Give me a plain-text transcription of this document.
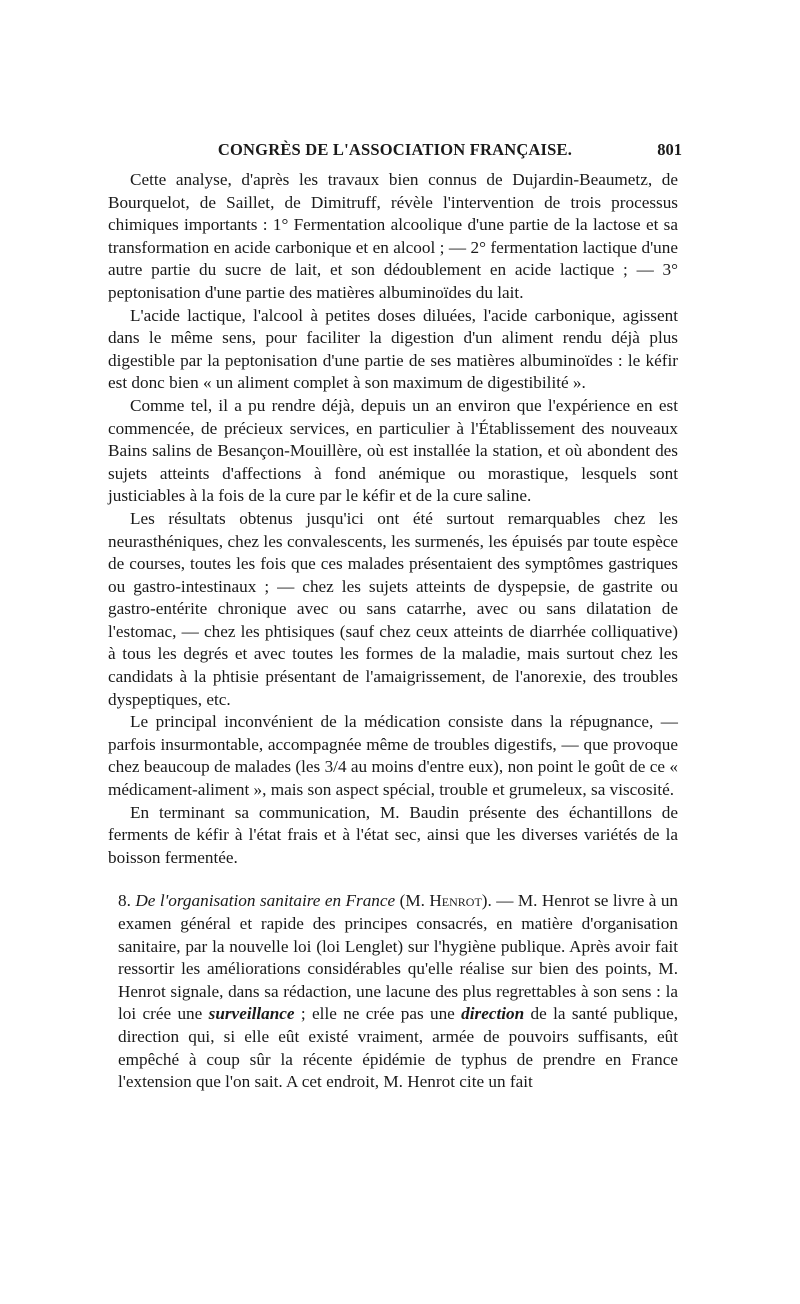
CONGRÈS DE L'ASSOCIATION FRANÇAISE.	801

Cette analyse, d'après les travaux bien connus de Dujardin-Beaumetz, de Bourquelot, de Saillet, de Dimitruff, révèle l'intervention de trois processus chimiques importants : 1° Fermentation alcoolique d'une partie de la lactose et sa transformation en acide carbonique et en alcool ; — 2° fermentation lactique d'une autre partie du sucre de lait, et son dédoublement en acide lactique ; — 3° peptonisation d'une partie des matières albuminoïdes du lait.

L'acide lactique, l'alcool à petites doses diluées, l'acide carbonique, agissent dans le même sens, pour faciliter la digestion d'un aliment rendu déjà plus digestible par la peptonisation d'une partie de ses matières albuminoïdes : le kéfir est donc bien « un aliment complet à son maximum de digestibilité ».

Comme tel, il a pu rendre déjà, depuis un an environ que l'expérience en est commencée, de précieux services, en particulier à l'Établissement des nouveaux Bains salins de Besançon-Mouillère, où est installée la station, et où abondent des sujets atteints d'affections à fond anémique ou morastique, lesquels sont justiciables à la fois de la cure par le kéfir et de la cure saline.

Les résultats obtenus jusqu'ici ont été surtout remarquables chez les neurasthéniques, chez les convalescents, les surmenés, les épuisés par toute espèce de courses, toutes les fois que ces malades présentaient des symptômes gastriques ou gastro-intestinaux ; — chez les sujets atteints de dyspepsie, de gastrite ou gastro-entérite chronique avec ou sans catarrhe, avec ou sans dilatation de l'estomac, — chez les phtisiques (sauf chez ceux atteints de diarrhée colliquative) à tous les degrés et avec toutes les formes de la maladie, mais surtout chez les candidats à la phtisie présentant de l'amaigrissement, de l'anorexie, des troubles dyspeptiques, etc.

Le principal inconvénient de la médication consiste dans la répugnance, — parfois insurmontable, accompagnée même de troubles digestifs, — que provoque chez beaucoup de malades (les 3/4 au moins d'entre eux), non point le goût de ce « médicament-aliment », mais son aspect spécial, trouble et grumeleux, sa viscosité.

En terminant sa communication, M. Baudin présente des échantillons de ferments de kéfir à l'état frais et à l'état sec, ainsi que les diverses variétés de la boisson fermentée.

8. De l'organisation sanitaire en France (M. Henrot). — M. Henrot se livre à un examen général et rapide des principes consacrés, en matière d'organisation sanitaire, par la nouvelle loi (loi Lenglet) sur l'hygiène publique. Après avoir fait ressortir les améliorations considérables qu'elle réalise sur bien des points, M. Henrot signale, dans sa rédaction, une lacune des plus regrettables à son sens : la loi crée une surveillance ; elle ne crée pas une direction de la santé publique, direction qui, si elle eût existé vraiment, armée de pouvoirs suffisants, eût empêché à coup sûr la récente épidémie de typhus de prendre en France l'extension que l'on sait. A cet endroit, M. Henrot cite un fait
